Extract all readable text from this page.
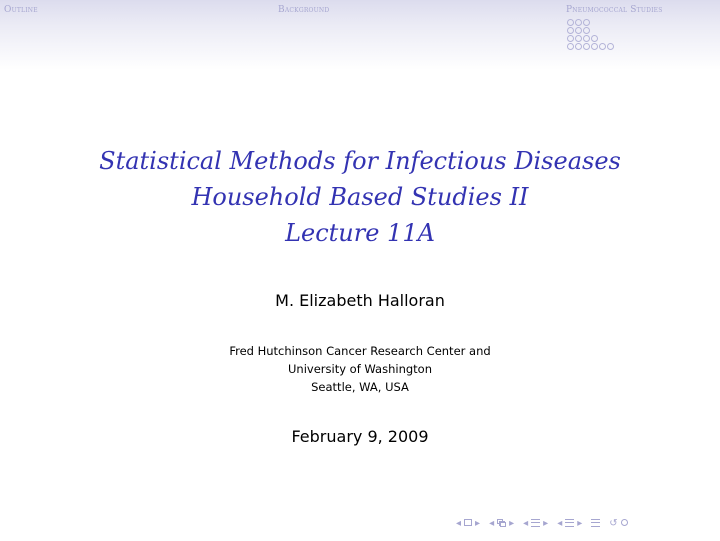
Outline	Background	Pneumococcal Studies
Statistical Methods for Infectious Diseases
Household Based Studies II
Lecture 11A
M. Elizabeth Halloran
Fred Hutchinson Cancer Research Center and
University of Washington
Seattle, WA, USA
February 9, 2009
◂ ▸ ◂ ▸ ◂ ▸ ◂ ▸	↺
